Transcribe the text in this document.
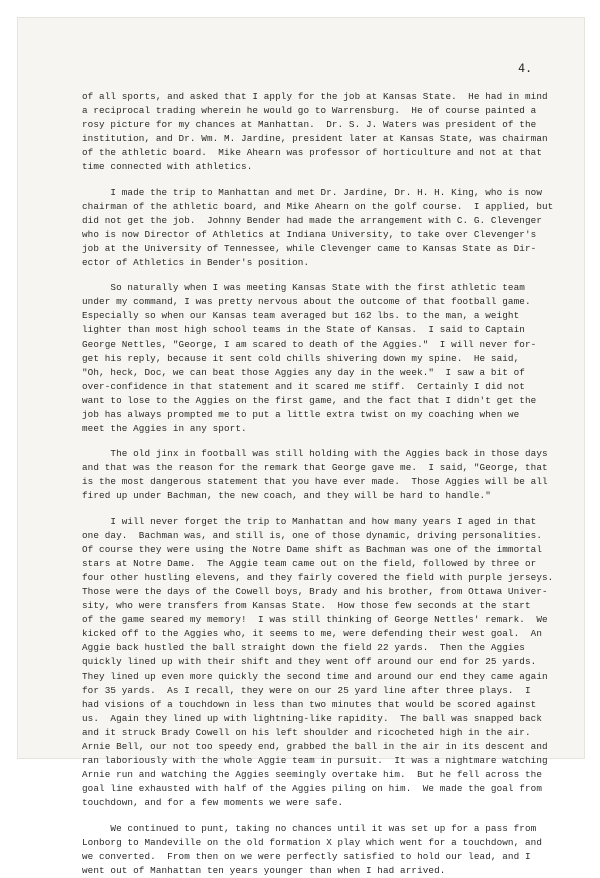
4.
of all sports, and asked that I apply for the job at Kansas State.  He had in mind
a reciprocal trading wherein he would go to Warrensburg.  He of course painted a
rosy picture for my chances at Manhattan.  Dr. S. J. Waters was president of the
institution, and Dr. Wm. M. Jardine, president later at Kansas State, was chairman
of the athletic board.  Mike Ahearn was professor of horticulture and not at that
time connected with athletics.
I made the trip to Manhattan and met Dr. Jardine, Dr. H. H. King, who is now
chairman of the athletic board, and Mike Ahearn on the golf course.  I applied, but
did not get the job.  Johnny Bender had made the arrangement with C. G. Clevenger
who is now Director of Athletics at Indiana University, to take over Clevenger's
job at the University of Tennessee, while Clevenger came to Kansas State as Dir-
ector of Athletics in Bender's position.
So naturally when I was meeting Kansas State with the first athletic team
under my command, I was pretty nervous about the outcome of that football game.
Especially so when our Kansas team averaged but 162 lbs. to the man, a weight
lighter than most high school teams in the State of Kansas.  I said to Captain
George Nettles, "George, I am scared to death of the Aggies."  I will never for-
get his reply, because it sent cold chills shivering down my spine.  He said,
"Oh, heck, Doc, we can beat those Aggies any day in the week."  I saw a bit of
over-confidence in that statement and it scared me stiff.  Certainly I did not
want to lose to the Aggies on the first game, and the fact that I didn't get the
job has always prompted me to put a little extra twist on my coaching when we
meet the Aggies in any sport.
The old jinx in football was still holding with the Aggies back in those days
and that was the reason for the remark that George gave me.  I said, "George, that
is the most dangerous statement that you have ever made.  Those Aggies will be all
fired up under Bachman, the new coach, and they will be hard to handle."
I will never forget the trip to Manhattan and how many years I aged in that
one day.  Bachman was, and still is, one of those dynamic, driving personalities.
Of course they were using the Notre Dame shift as Bachman was one of the immortal
stars at Notre Dame.  The Aggie team came out on the field, followed by three or
four other hustling elevens, and they fairly covered the field with purple jerseys.
Those were the days of the Cowell boys, Brady and his brother, from Ottawa Univer-
sity, who were transfers from Kansas State.  How those few seconds at the start
of the game seared my memory!  I was still thinking of George Nettles' remark.  We
kicked off to the Aggies who, it seems to me, were defending their west goal.  An
Aggie back hustled the ball straight down the field 22 yards.  Then the Aggies
quickly lined up with their shift and they went off around our end for 25 yards.
They lined up even more quickly the second time and around our end they came again
for 35 yards.  As I recall, they were on our 25 yard line after three plays.  I
had visions of a touchdown in less than two minutes that would be scored against
us.  Again they lined up with lightning-like rapidity.  The ball was snapped back
and it struck Brady Cowell on his left shoulder and ricocheted high in the air.
Arnie Bell, our not too speedy end, grabbed the ball in the air in its descent and
ran laboriously with the whole Aggie team in pursuit.  It was a nightmare watching
Arnie run and watching the Aggies seemingly overtake him.  But he fell across the
goal line exhausted with half of the Aggies piling on him.  We made the goal from
touchdown, and for a few moments we were safe.
We continued to punt, taking no chances until it was set up for a pass from
Lonborg to Mandeville on the old formation X play which went for a touchdown, and
we converted.  From then on we were perfectly satisfied to hold our lead, and I
went out of Manhattan ten years younger than when I had arrived.
